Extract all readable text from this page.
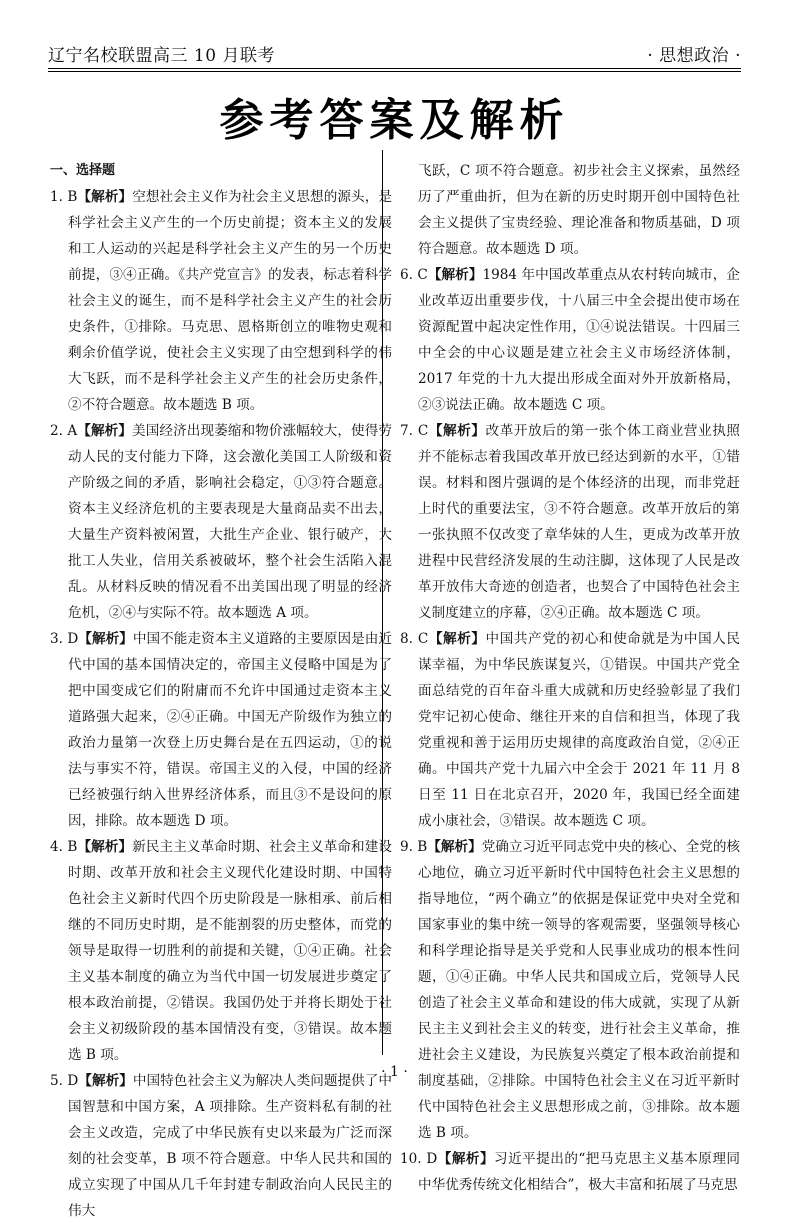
辽宁名校联盟高三 10 月联考	· 思想政治 ·
参考答案及解析

一、选择题

1. B【解析】空想社会主义作为社会主义思想的源头，是科学社会主义产生的一个历史前提；资本主义的发展和工人运动的兴起是科学社会主义产生的另一个历史前提，③④正确。《共产党宣言》的发表，标志着科学社会主义的诞生，而不是科学社会主义产生的社会历史条件，①排除。马克思、恩格斯创立的唯物史观和剩余价值学说，使社会主义实现了由空想到科学的伟大飞跃，而不是科学社会主义产生的社会历史条件，②不符合题意。故本题选 B 项。

2. A【解析】美国经济出现萎缩和物价涨幅较大，使得劳动人民的支付能力下降，这会激化美国工人阶级和资产阶级之间的矛盾，影响社会稳定，①③符合题意。资本主义经济危机的主要表现是大量商品卖不出去，大量生产资料被闲置，大批生产企业、银行破产，大批工人失业，信用关系被破坏，整个社会生活陷入混乱。从材料反映的情况看不出美国出现了明显的经济危机，②④与实际不符。故本题选 A 项。

3. D【解析】中国不能走资本主义道路的主要原因是由近代中国的基本国情决定的，帝国主义侵略中国是为了把中国变成它们的附庸而不允许中国通过走资本主义道路强大起来，②④正确。中国无产阶级作为独立的政治力量第一次登上历史舞台是在五四运动，①的说法与事实不符，错误。帝国主义的入侵，中国的经济已经被强行纳入世界经济体系，而且③不是设问的原因，排除。故本题选 D 项。

4. B【解析】新民主主义革命时期、社会主义革命和建设时期、改革开放和社会主义现代化建设时期、中国特色社会主义新时代四个历史阶段是一脉相承、前后相继的不同历史时期，是不能割裂的历史整体，而党的领导是取得一切胜利的前提和关键，①④正确。社会主义基本制度的确立为当代中国一切发展进步奠定了根本政治前提，②错误。我国仍处于并将长期处于社会主义初级阶段的基本国情没有变，③错误。故本题选 B 项。

5. D【解析】中国特色社会主义为解决人类问题提供了中国智慧和中国方案，A 项排除。生产资料私有制的社会主义改造，完成了中华民族有史以来最为广泛而深刻的社会变革，B 项不符合题意。中华人民共和国的成立实现了中国从几千年封建专制政治向人民民主的伟大

飞跃，C 项不符合题意。初步社会主义探索，虽然经历了严重曲折，但为在新的历史时期开创中国特色社会主义提供了宝贵经验、理论准备和物质基础，D 项符合题意。故本题选 D 项。

6. C【解析】1984 年中国改革重点从农村转向城市，企业改革迈出重要步伐，十八届三中全会提出使市场在资源配置中起决定性作用，①④说法错误。十四届三中全会的中心议题是建立社会主义市场经济体制，2017 年党的十九大提出形成全面对外开放新格局，②③说法正确。故本题选 C 项。

7. C【解析】改革开放后的第一张个体工商业营业执照并不能标志着我国改革开放已经达到新的水平，①错误。材料和图片强调的是个体经济的出现，而非党赶上时代的重要法宝，③不符合题意。改革开放后的第一张执照不仅改变了章华妹的人生，更成为改革开放进程中民营经济发展的生动注脚，这体现了人民是改革开放伟大奇迹的创造者，也契合了中国特色社会主义制度建立的序幕，②④正确。故本题选 C 项。

8. C【解析】中国共产党的初心和使命就是为中国人民谋幸福，为中华民族谋复兴，①错误。中国共产党全面总结党的百年奋斗重大成就和历史经验彰显了我们党牢记初心使命、继往开来的自信和担当，体现了我党重视和善于运用历史规律的高度政治自觉，②④正确。中国共产党十九届六中全会于 2021 年 11 月 8 日至 11 日在北京召开，2020 年，我国已经全面建成小康社会，③错误。故本题选 C 项。

9. B【解析】党确立习近平同志党中央的核心、全党的核心地位，确立习近平新时代中国特色社会主义思想的指导地位，“两个确立”的依据是保证党中央对全党和国家事业的集中统一领导的客观需要，坚强领导核心和科学理论指导是关乎党和人民事业成功的根本性问题，①④正确。中华人民共和国成立后，党领导人民创造了社会主义革命和建设的伟大成就，实现了从新民主主义到社会主义的转变，进行社会主义革命，推进社会主义建设，为民族复兴奠定了根本政治前提和制度基础，②排除。中国特色社会主义在习近平新时代中国特色社会主义思想形成之前，③排除。故本题选 B 项。

10. D【解析】习近平提出的“把马克思主义基本原理同中华优秀传统文化相结合”，极大丰富和拓展了马克思

· 1 ·
